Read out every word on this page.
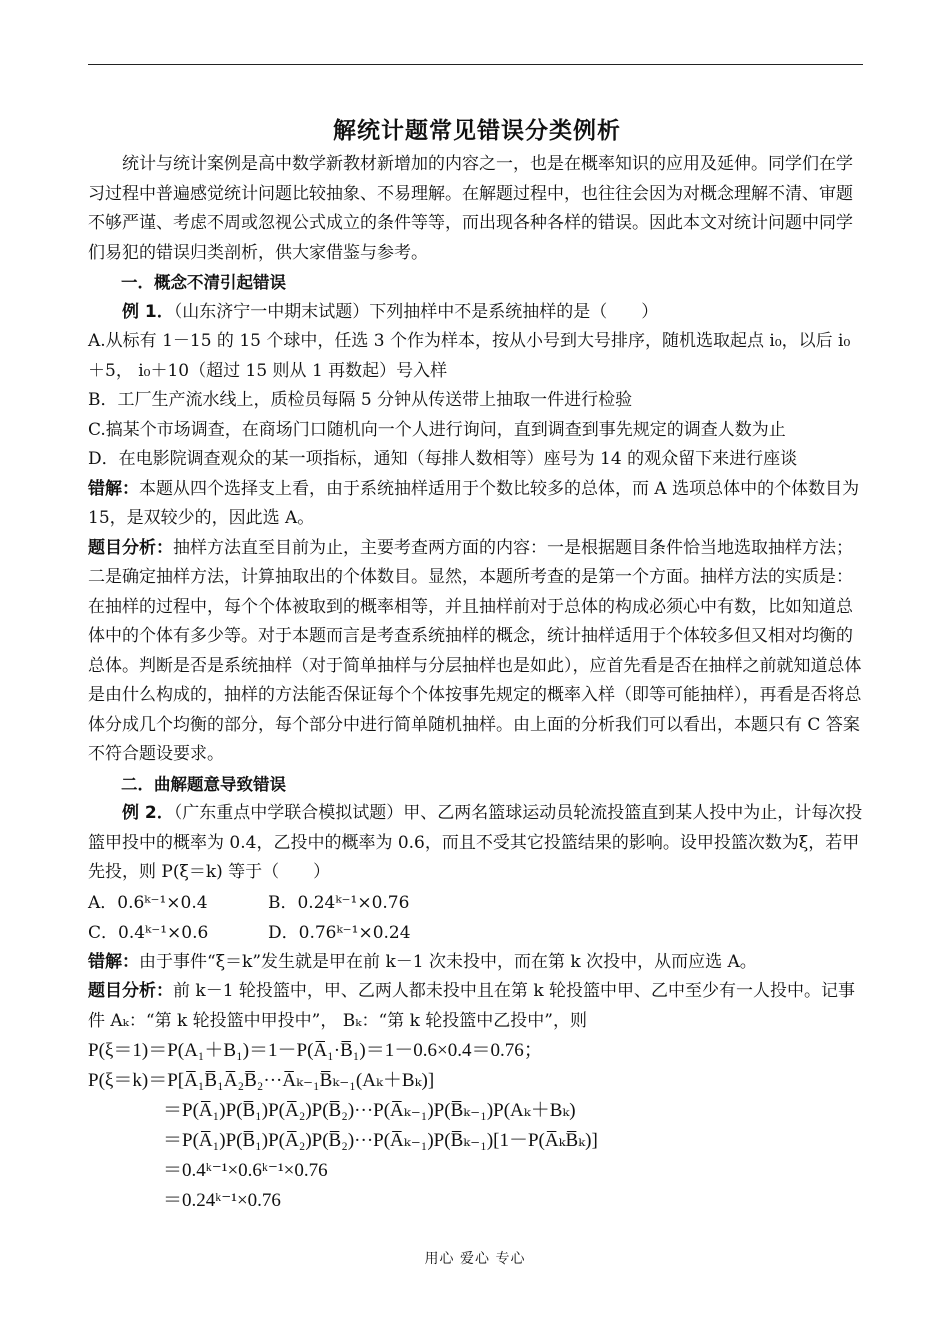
解统计题常见错误分类例析

统计与统计案例是高中数学新教材新增加的内容之一，也是在概率知识的应用及延伸。同学们在学习过程中普遍感觉统计问题比较抽象、不易理解。在解题过程中，也往往会因为对概念理解不清、审题不够严谨、考虑不周或忽视公式成立的条件等等，而出现各种各样的错误。因此本文对统计问题中同学们易犯的错误归类剖析，供大家借鉴与参考。

一．概念不清引起错误

例 1．（山东济宁一中期末试题）下列抽样中不是系统抽样的是（　　）

A.从标有 1－15 的 15 个球中，任选 3 个作为样本，按从小号到大号排序，随机选取起点 i₀，以后 i₀＋5， i₀＋10（超过 15 则从 1 再数起）号入样

B．工厂生产流水线上，质检员每隔 5 分钟从传送带上抽取一件进行检验

C.搞某个市场调查，在商场门口随机向一个人进行询问，直到调查到事先规定的调查人数为止

D．在电影院调查观众的某一项指标，通知（每排人数相等）座号为 14 的观众留下来进行座谈

错解：本题从四个选择支上看，由于系统抽样适用于个数比较多的总体，而 A 选项总体中的个体数目为 15，是双较少的，因此选 A。

题目分析：抽样方法直至目前为止，主要考查两方面的内容：一是根据题目条件恰当地选取抽样方法；二是确定抽样方法，计算抽取出的个体数目。显然，本题所考查的是第一个方面。抽样方法的实质是：在抽样的过程中，每个个体被取到的概率相等，并且抽样前对于总体的构成必须心中有数，比如知道总体中的个体有多少等。对于本题而言是考查系统抽样的概念，统计抽样适用于个体较多但又相对均衡的总体。判断是否是系统抽样（对于简单抽样与分层抽样也是如此），应首先看是否在抽样之前就知道总体是由什么构成的，抽样的方法能否保证每个个体按事先规定的概率入样（即等可能抽样），再看是否将总体分成几个均衡的部分，每个部分中进行简单随机抽样。由上面的分析我们可以看出，本题只有 C 答案不符合题设要求。

二．曲解题意导致错误

例 2．（广东重点中学联合模拟试题）甲、乙两名篮球运动员轮流投篮直到某人投中为止，计每次投篮甲投中的概率为 0.4，乙投中的概率为 0.6，而且不受其它投篮结果的影响。设甲投篮次数为ξ，若甲先投，则 P(ξ＝k) 等于（　　）

A．0.6ᵏ⁻¹×0.4	B．0.24ᵏ⁻¹×0.76
C．0.4ᵏ⁻¹×0.6	D．0.76ᵏ⁻¹×0.24

错解：由于事件“ξ＝k”发生就是甲在前 k－1 次未投中，而在第 k 次投中，从而应选 A。

题目分析：前 k－1 轮投篮中，甲、乙两人都未投中且在第 k 轮投篮中甲、乙中至少有一人投中。记事件 Aₖ：“第 k 轮投篮中甲投中”， Bₖ：“第 k 轮投篮中乙投中”，则

P(ξ＝1)＝P(A₁＋B₁)＝1－P(A̅₁·B̅₁)＝1－0.6×0.4＝0.76；
P(ξ＝k)＝P[A̅₁B̅₁A̅₂B̅₂···A̅ₖ₋₁B̅ₖ₋₁(Aₖ＋Bₖ)]
＝P(A̅₁)P(B̅₁)P(A̅₂)P(B̅₂)···P(A̅ₖ₋₁)P(B̅ₖ₋₁)P(Aₖ＋Bₖ)
＝P(A̅₁)P(B̅₁)P(A̅₂)P(B̅₂)···P(A̅ₖ₋₁)P(B̅ₖ₋₁)[1－P(A̅ₖB̅ₖ)]
＝0.4ᵏ⁻¹×0.6ᵏ⁻¹×0.76
＝0.24ᵏ⁻¹×0.76
用心 爱心 专心
